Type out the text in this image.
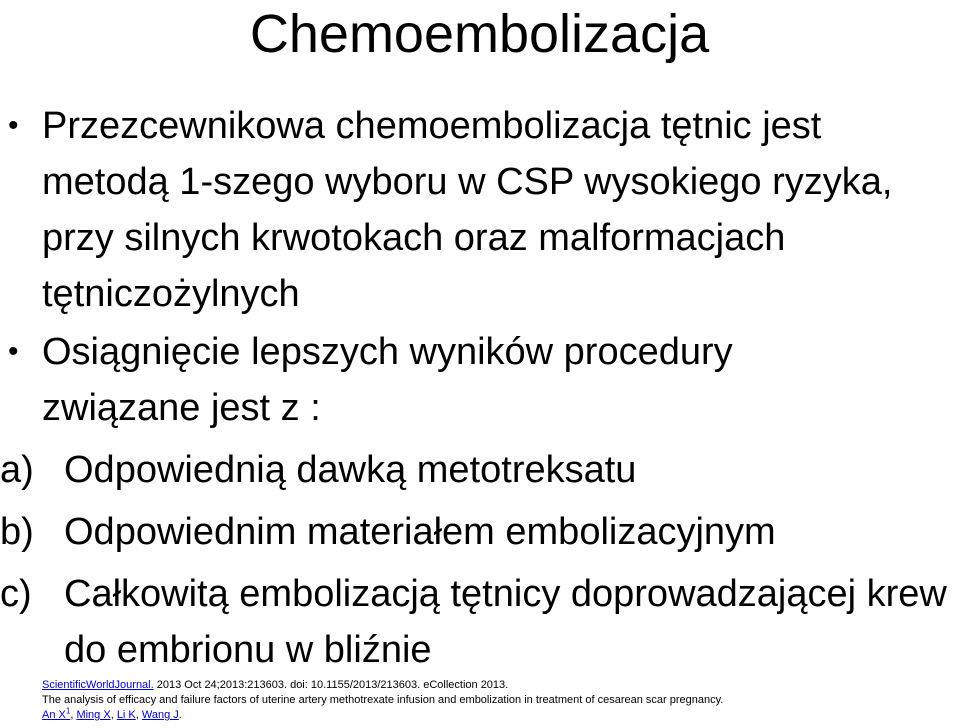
Chemoembolizacja
• Przezcewnikowa chemoembolizacja tętnic jest metodą 1-szego wyboru w CSP wysokiego ryzyka, przy silnych krwotokach oraz malformacjach tętniczożylnych
• Osiągnięcie lepszych wyników procedury związane jest z :
a) Odpowiednią dawką metotreksatu
b) Odpowiednim materiałem embolizacyjnym
c) Całkowitą embolizacją tętnicy doprowadzającej krew do embrionu w bliźnie
ScientificWorldJournal. 2013 Oct 24;2013:213603. doi: 10.1155/2013/213603. eCollection 2013.
The analysis of efficacy and failure factors of uterine artery methotrexate infusion and embolization in treatment of cesarean scar pregnancy.
An X$^1$, Ming X, Li K, Wang J.
